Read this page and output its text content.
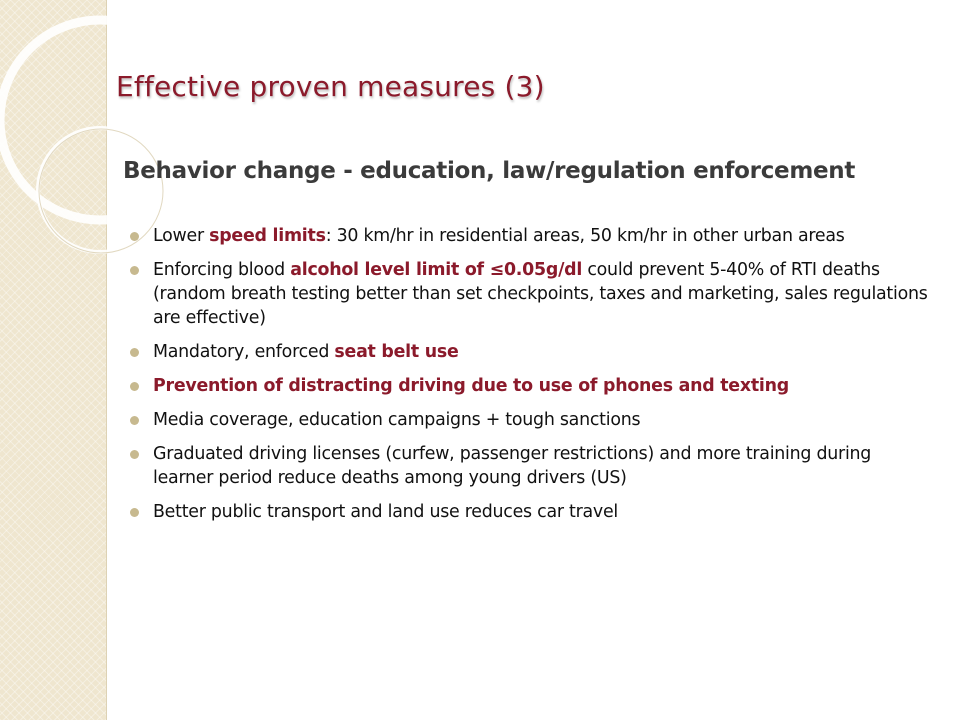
Effective proven measures (3)
Behavior change - education, law/regulation enforcement
Lower speed limits: 30 km/hr in residential areas, 50 km/hr in other urban areas
Enforcing blood alcohol level limit of ≤0.05g/dl could prevent 5-40% of RTI deaths (random breath testing better than set checkpoints, taxes and marketing, sales regulations are effective)
Mandatory, enforced seat belt use
Prevention of distracting driving due to use of phones and texting
Media coverage, education campaigns + tough sanctions
Graduated driving licenses (curfew, passenger restrictions) and more training during learner period reduce deaths among young drivers (US)
Better public transport and land use reduces car travel
